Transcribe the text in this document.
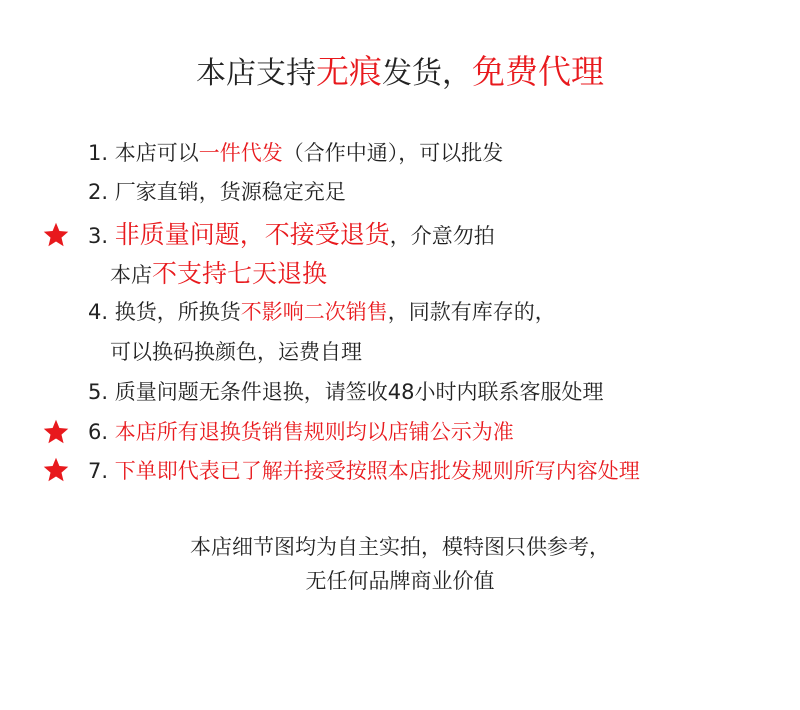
本店支持无痕发货，免费代理
1. 本店可以一件代发（合作中通），可以批发
2. 厂家直销，货源稳定充足
3. 非质量问题，不接受退货，介意勿拍
本店不支持七天退换
4. 换货，所换货不影响二次销售，同款有库存的，
可以换码换颜色，运费自理
5. 质量问题无条件退换，请签收48小时内联系客服处理
6. 本店所有退换货销售规则均以店铺公示为准
7. 下单即代表已了解并接受按照本店批发规则所写内容处理
本店细节图均为自主实拍，模特图只供参考，
无任何品牌商业价值
